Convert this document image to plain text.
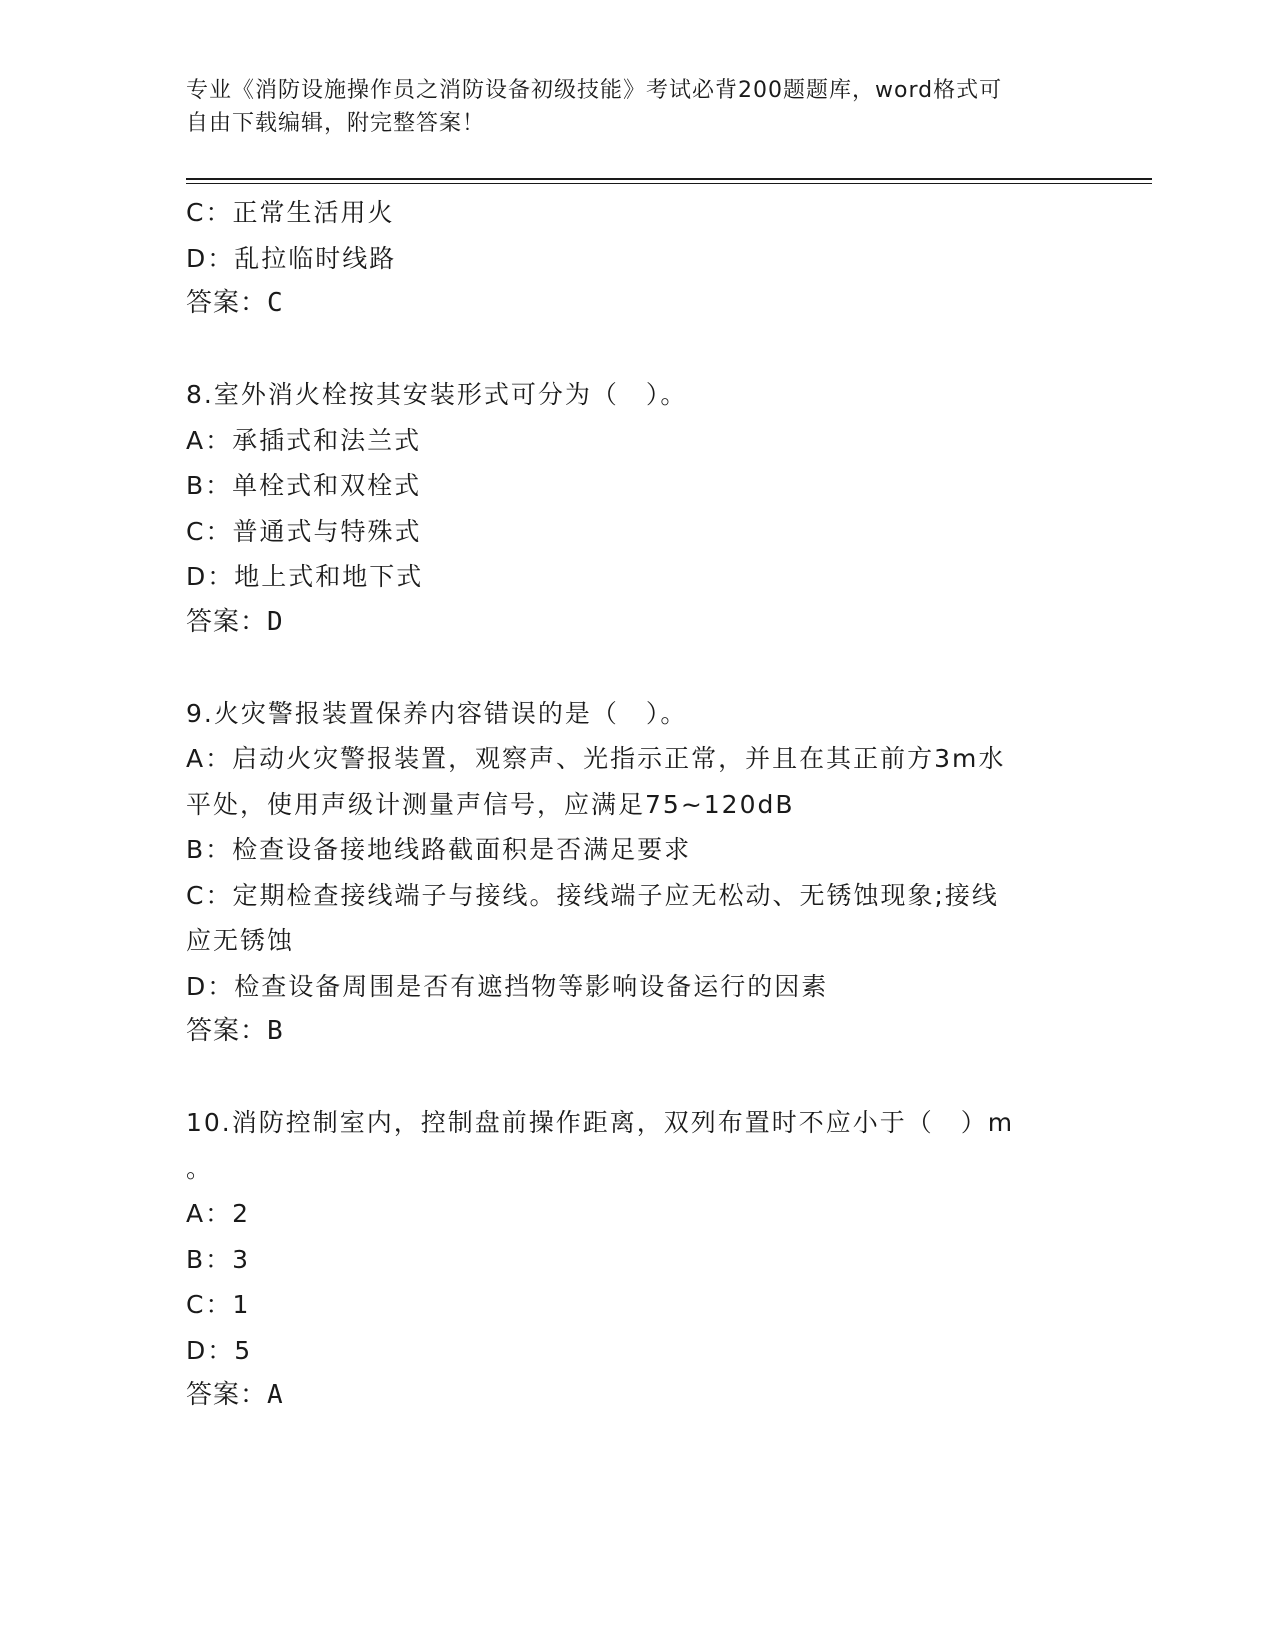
专业《消防设施操作员之消防设备初级技能》考试必背200题题库，word格式可
自由下载编辑，附完整答案！
C：正常生活用火
D：乱拉临时线路
答案：C
8.室外消火栓按其安装形式可分为（　）。
A：承插式和法兰式
B：单栓式和双栓式
C：普通式与特殊式
D：地上式和地下式
答案：D
9.火灾警报装置保养内容错误的是（　）。
A：启动火灾警报装置，观察声、光指示正常，并且在其正前方3m水
平处，使用声级计测量声信号，应满足75~120dB
B：检查设备接地线路截面积是否满足要求
C：定期检查接线端子与接线。接线端子应无松动、无锈蚀现象;接线
应无锈蚀
D：检查设备周围是否有遮挡物等影响设备运行的因素
答案：B
10.消防控制室内，控制盘前操作距离，双列布置时不应小于（　）m
。
A：2
B：3
C：1
D：5
答案：A
